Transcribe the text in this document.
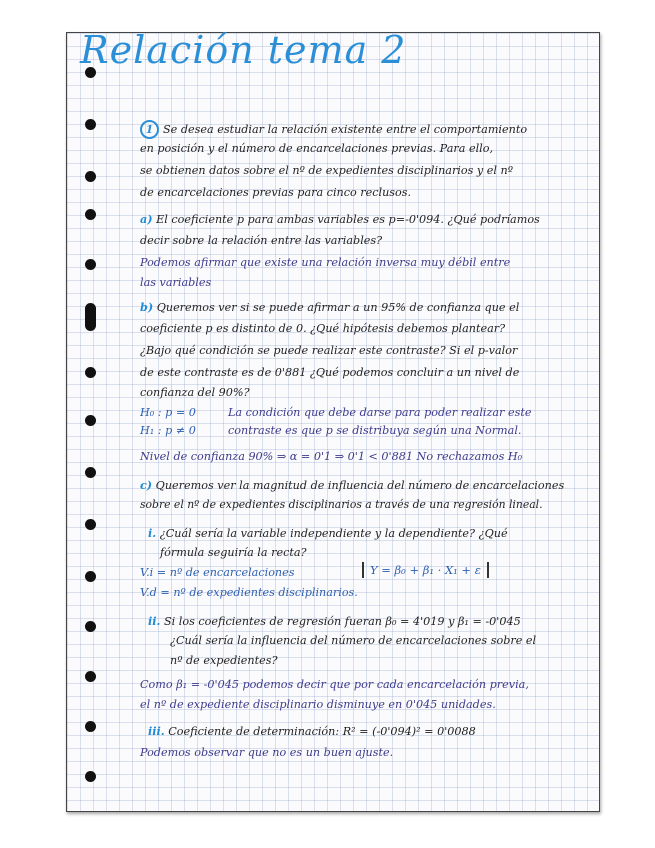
Relación tema 2
1 Se desea estudiar la relación existente entre el comportamiento
en posición y el número de encarcelaciones previas. Para ello,
se obtienen datos sobre el nº de expedientes disciplinarios y el nº
de encarcelaciones previas para cinco reclusos.
a) El coeficiente p para ambas variables es p=-0'094. ¿Qué podríamos
decir sobre la relación entre las variables?
Podemos afirmar que existe una relación inversa muy débil entre
las variables
b) Queremos ver si se puede afirmar a un 95% de confianza que el
coeficiente p es distinto de 0. ¿Qué hipótesis debemos plantear?
¿Bajo qué condición se puede realizar este contraste? Si el p-valor
de este contraste es de 0'881 ¿Qué podemos concluir a un nivel de
confianza del 90%?
H₀ : p = 0	La condición que debe darse para poder realizar este
H₁ : p ≠ 0	contraste es que p se distribuya según una Normal.
Nivel de confianza 90% ⇒ α = 0'1 ⇒ 0'1 < 0'881 No rechazamos H₀
c) Queremos ver la magnitud de influencia del número de encarcelaciones
sobre el nº de expedientes disciplinarios a través de una regresión lineal.
i. ¿Cuál sería la variable independiente y la dependiente? ¿Qué
fórmula seguiría la recta?
V.i = nº de encarcelaciones
V.d = nº de expedientes disciplinarios.
Y = β₀ + β₁ · X₁ + ε
ii. Si los coeficientes de regresión fueran β₀ = 4'019 y β₁ = -0'045
¿Cuál sería la influencia del número de encarcelaciones sobre el
nº de expedientes?
Como β₁ = -0'045 podemos decir que por cada encarcelación previa,
el nº de expediente disciplinario disminuye en 0'045 unidades.
iii. Coeficiente de determinación: R² = (-0'094)² = 0'0088
Podemos observar que no es un buen ajuste.
